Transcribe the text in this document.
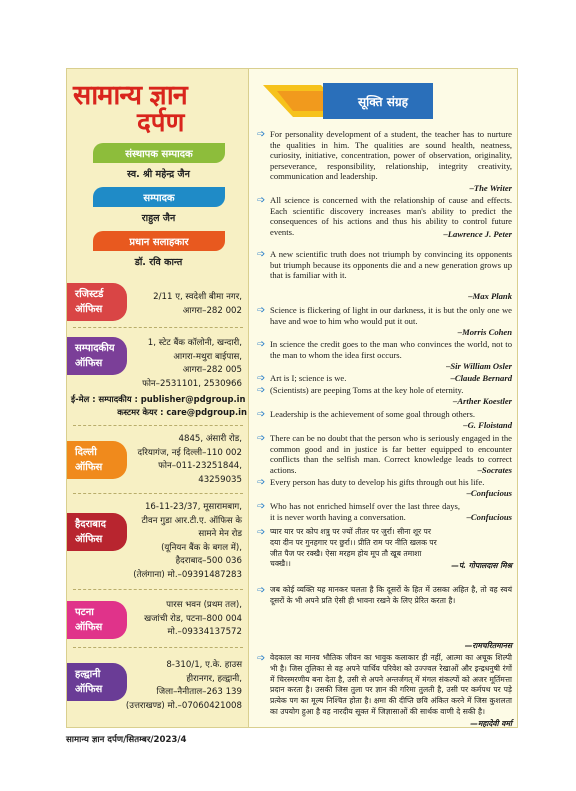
सामान्य ज्ञान
दर्पण
संस्थापक सम्पादक
स्व. श्री महेन्द्र जैन
सम्पादक
राहुल जैन
प्रधान सलाहकार
डॉ. रवि कान्त
रजिस्टर्ड
ऑफिस
2/11 ए, स्वदेशी बीमा नगर,
आगरा–282 002
सम्पादकीय
ऑफिस
1, स्टेट बैंक कॉलोनी, खन्दारी,
आगरा-मथुरा बाईपास,
आगरा–282 005
फोन–2531101, 2530966
ई-मेल : सम्पादकीय : publisher@pdgroup.in
कस्टमर केयर : care@pdgroup.in
दिल्ली
ऑफिस
4845, अंसारी रोड,
दरियागंज, नई दिल्ली–110 002
फोन–011-23251844,
43259035
हैदराबाद
ऑफिस
16-11-23/37, मूसारामबाग,
टीवन गुडा आर.टी.ए. ऑफिस के
सामने मेन रोड
(यूनियन बैंक के बगल में),
हैदराबाद–500 036
(तेलंगाना) मो.–09391487283
पटना
ऑफिस
पारस भवन (प्रथम तल),
खजांची रोड, पटना–800 004
मो.–09334137572
हल्द्वानी
ऑफिस
8-310/1, ए.के. हाउस
हीरानगर, हल्द्वानी,
जिला–नैनीताल–263 139
(उत्तराखण्ड) मो.–07060421008
सूक्ति संग्रह
➩ For personality development of a student, the teacher has to nurture the qualities in him. The qualities are sound health, neatness, curiosity, initiative, concentration, power of observation, originality, perseverance, responsibility, relationship, integrity creativity, communication and leadership.
–The Writer
➩ All science is concerned with the relationship of cause and effects. Each scientific discovery increases man's ability to predict the consequences of his actions and thus his ability to control future events.	–Lawrence J. Peter
➩ A new scientific truth does not triumph by convincing its opponents but triumph because its opponents die and a new generation grows up that is familiar with it.
–Max Plank
➩ Science is flickering of light in our darkness, it is but the only one we have and woe to him who would put it out.
–Morris Cohen
➩ In science the credit goes to the man who convinces the world, not to the man to whom the idea first occurs.
–Sir William Osler
➩ Art is I; science is we.	–Claude Bernard
➩ (Scientists) are peeping Toms at the key hole of eternity.
–Arther Koestler
➩ Leadership is the achievement of some goal through others.
–G. Floistand
➩ There can be no doubt that the person who is seriously engaged in the common good and in justice is far better equipped to encounter conflicts than the selfish man. Correct knowledge leads to correct actions.	–Socrates
➩ Every person has duty to develop his gifts through out his life.
–Confucious
➩ Who has not enriched himself over the last three days, it is never worth having a conversation.	–Confucious
➩ प्यार यार पर कोप शत्रु पर ज्यों तीतर पर जुर्रा। सीना शूर पर दया दीन पर गुनहगार पर छुर्रा।। प्रीति राम पर नीति खलक पर जीत पैज पर रक्खै। ऐसा मरहम होय मूप तौ खूब तमाशा चक्खै।।	—पं. गोपालदास मिश्र
➩ जब कोई व्यक्ति यह मानकर चलता है कि दूसरों के हित में उसका अहित है, तो वह स्वयं दूसरों के भी अपने प्रति ऐसी ही भावना रखने के लिए प्रेरित करता है।
—रामचरितमानस
➩ वेदकाल का मानव भौतिक जीवन का भावुक कलाकार ही नहीं, आत्मा का अचूक शिल्पी भी है। जिस तूलिका से वह अपने पार्थिव परिवेश को उज्ज्वल रेखाओं और इन्द्रधनुषी रंगों में चिरस्मरणीय बना देता है, उसी से अपने अन्तर्जगत् में मंगल संकल्पों को अजर मूर्तिमत्ता प्रदान करता है। उसकी जिस तुला पर ज्ञान की गरिमा तुलती है, उसी पर कर्मपथ पर पड़े प्रत्येक पग का मूल्य निश्चित होता है। क्षमा की दीप्ति छवि अंकित करने में जिस कुशलता का उपयोग हुआ है वह नारदीय सूक्त में जिज्ञासाओं की सार्थक वाणी दे सकी है।
—महादेवी वर्मा
सामान्य ज्ञान दर्पण/सितम्बर/2023/4
